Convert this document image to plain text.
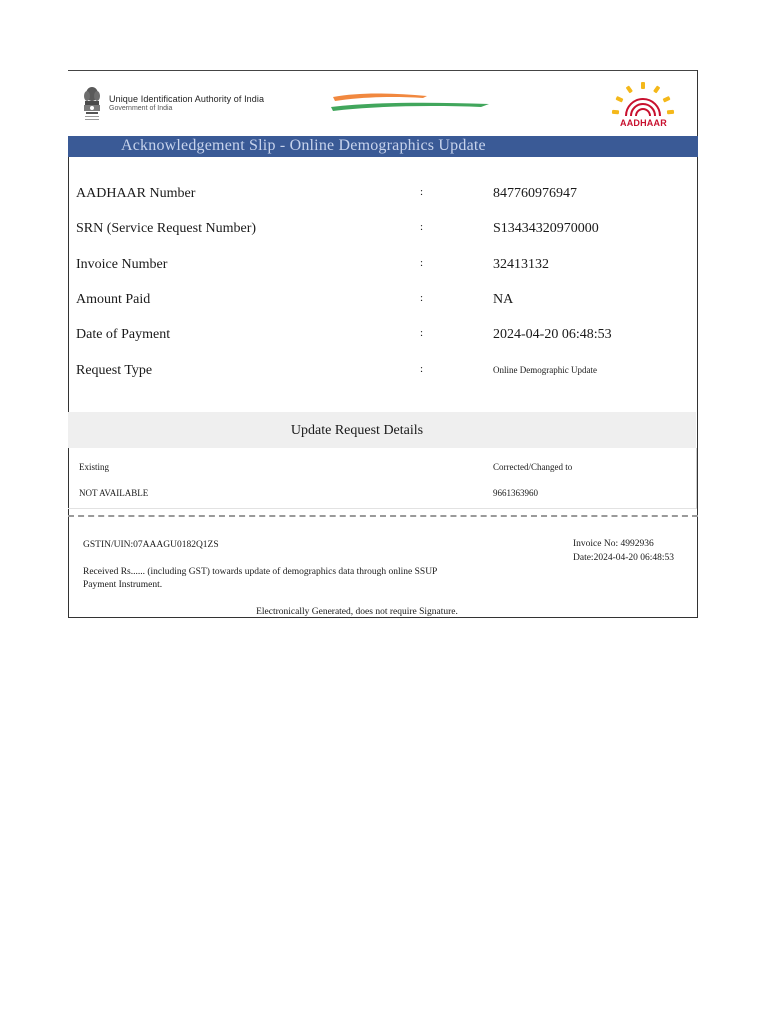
Unique Identification Authority of India
Government of India
AADHAAR
Acknowledgement Slip - Online Demographics Update
AADHAAR Number	:	847760976947
SRN (Service Request Number)	:	S13434320970000
Invoice Number	:	32413132
Amount Paid	:	NA
Date of Payment	:	2024-04-20 06:48:53
Request Type	:	Online Demographic Update
Update Request Details
Existing	Corrected/Changed to
NOT AVAILABLE	9661363960
GSTIN/UIN:07AAAGU0182Q1ZS	Invoice No: 4992936
Date:2024-04-20 06:48:53
Received Rs...... (including GST) towards update of demographics data through online SSUP
Payment Instrument.
Electronically Generated, does not require Signature.
